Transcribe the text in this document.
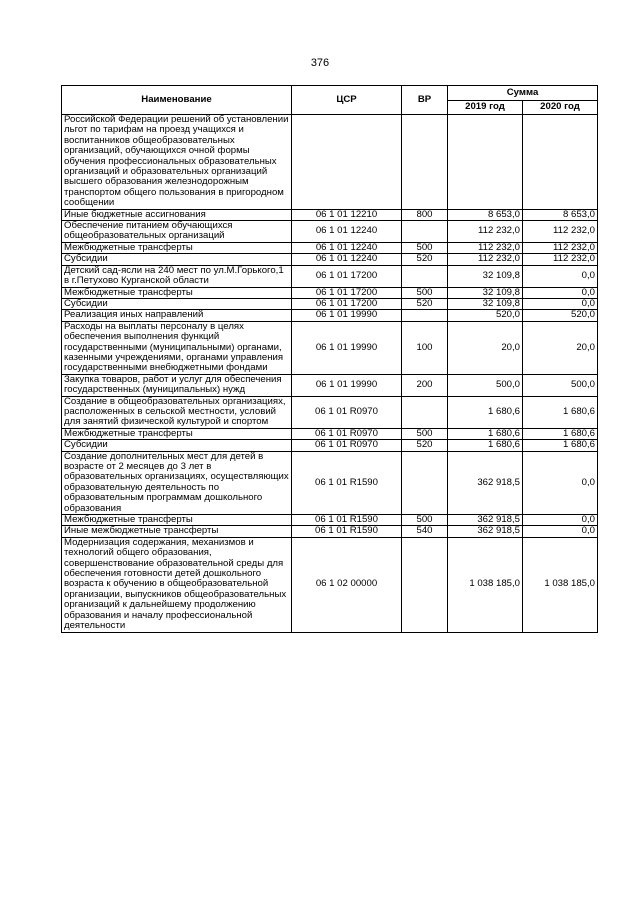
376
Наименование	ЦСР	ВР	Сумма	
			2019 год	2020 год
Российской Федерации решений об установлении льгот по тарифам на проезд учащихся и воспитанников общеобразовательных организаций, обучающихся очной формы обучения профессиональных образовательных организаций и образовательных организаций высшего образования железнодорожным транспортом общего пользования в пригородном сообщении				
Иные бюджетные ассигнования	06 1 01 12210	800	8 653,0	8 653,0
Обеспечение питанием обучающихся общеобразовательных организаций	06 1 01 12240		112 232,0	112 232,0
Межбюджетные трансферты	06 1 01 12240	500	112 232,0	112 232,0
Субсидии	06 1 01 12240	520	112 232,0	112 232,0
Детский сад-ясли на 240 мест по ул.М.Горького,1 в г.Петухово Курганской области	06 1 01 17200		32 109,8	0,0
Межбюджетные трансферты	06 1 01 17200	500	32 109,8	0,0
Субсидии	06 1 01 17200	520	32 109,8	0,0
Реализация иных направлений	06 1 01 19990		520,0	520,0
Расходы на выплаты персоналу в целях обеспечения выполнения функций государственными (муниципальными) органами, казенными учреждениями, органами управления государственными внебюджетными фондами	06 1 01 19990	100	20,0	20,0
Закупка товаров, работ и услуг для обеспечения государственных (муниципальных) нужд	06 1 01 19990	200	500,0	500,0
Создание в общеобразовательных организациях, расположенных в сельской местности, условий для занятий физической культурой и спортом	06 1 01 R0970		1 680,6	1 680,6
Межбюджетные трансферты	06 1 01 R0970	500	1 680,6	1 680,6
Субсидии	06 1 01 R0970	520	1 680,6	1 680,6
Создание дополнительных мест для детей в возрасте от 2 месяцев до 3 лет в образовательных организациях, осуществляющих образовательную деятельность по образовательным программам дошкольного образования	06 1 01 R1590		362 918,5	0,0
Межбюджетные трансферты	06 1 01 R1590	500	362 918,5	0,0
Иные межбюджетные трансферты	06 1 01 R1590	540	362 918,5	0,0
Модернизация содержания, механизмов и технологий общего образования, совершенствование образовательной среды для обеспечения готовности детей дошкольного возраста к обучению в общеобразовательной организации, выпускников общеобразовательных организаций к дальнейшему продолжению образования и началу профессиональной деятельности	06 1 02 00000		1 038 185,0	1 038 185,0
